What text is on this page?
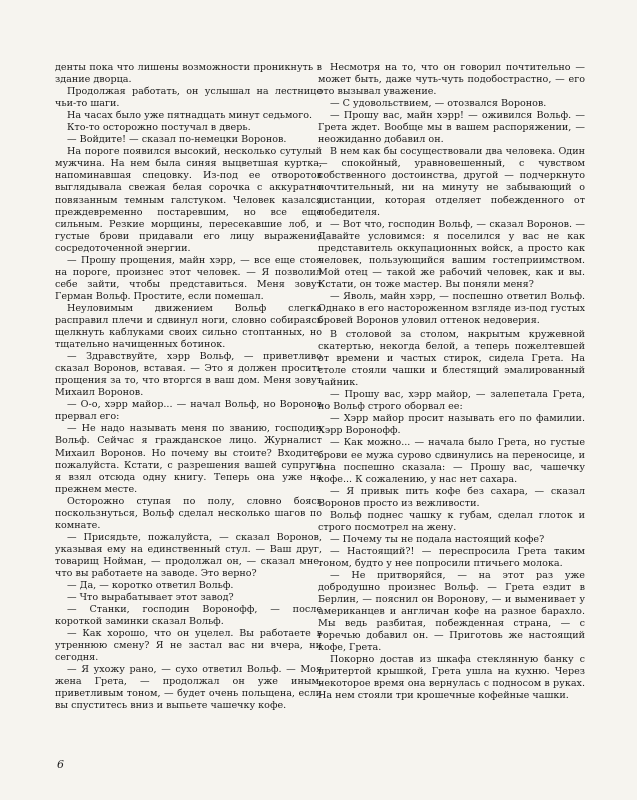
денты пока что лишены возможности проникнуть в здание дворца.

Продолжая работать, он услышал на лестнице чьи-то шаги.

На часах было уже пятнадцать минут седьмого.

Кто-то осторожно постучал в дверь.

— Войдите! — сказал по-немецки Воронов.

На пороге появился высокий, несколько сутулый мужчина. На нем была синяя выцветшая куртка, напоминавшая спецовку. Из-под ее отворотов выглядывала свежая белая сорочка с аккуратно повязанным темным галстуком. Человек казался преждевременно постаревшим, но все еще сильным. Резкие морщины, пересекавшие лоб, и густые брови придавали его лицу выражение сосредоточенной энергии.

— Прошу прощения, майн хэрр, — все еще стоя на пороге, произнес этот человек. — Я позволил себе зайти, чтобы представиться. Меня зовут Герман Вольф. Простите, если помешал.

Неуловимым движением Вольф слегка расправил плечи и сдвинул ноги, словно собираясь щелкнуть каблуками своих сильно стоптанных, но тщательно начищенных ботинок.

— Здравствуйте, хэрр Вольф, — приветливо сказал Воронов, вставая. — Это я должен просить прощения за то, что вторгся в ваш дом. Меня зовут Михаил Воронов.

— О-о, хэрр майор... — начал Вольф, но Воронов прервал его:

— Не надо называть меня по званию, господин Вольф. Сейчас я гражданское лицо. Журналист Михаил Воронов. Но почему вы стоите? Входите, пожалуйста. Кстати, с разрешения вашей супруги я взял отсюда одну книгу. Теперь она уже на прежнем месте.

Осторожно ступая по полу, словно боясь поскользнуться, Вольф сделал несколько шагов по комнате.

— Присядьте, пожалуйста, — сказал Воронов, указывая ему на единственный стул. — Ваш друг, товарищ Нойман, — продолжал он, — сказал мне, что вы работаете на заводе. Это верно?

— Да, — коротко ответил Вольф.

— Что вырабатывает этот завод?

— Станки, господин Воронофф, — после короткой заминки сказал Вольф.

— Как хорошо, что он уцелел. Вы работаете в утреннюю смену? Я не застал вас ни вчера, ни сегодня.

— Я ухожу рано, — сухо ответил Вольф. — Моя жена Грета, — продолжал он уже иным, приветливым тоном, — будет очень польщена, если вы спуститесь вниз и выпьете чашечку кофе.

Несмотря на то, что он говорил почтительно — может быть, даже чуть-чуть подобострастно, — его это вызывал уважение.

— С удовольствием, — отозвался Воронов.

— Прошу вас, майн хэрр! — оживился Вольф. — Грета ждет. Вообще мы в вашем распоряжении, — неожиданно добавил он.

В нем как бы сосуществовали два человека. Один — спокойный, уравновешенный, с чувством собственного достоинства, другой — подчеркнуто почтительный, ни на минуту не забывающий о дистанции, которая отделяет побежденного от победителя.

— Вот что, господин Вольф, — сказал Воронов. — Давайте условимся: я поселился у вас не как представитель оккупационных войск, а просто как человек, пользующийся вашим гостеприимством. Мой отец — такой же рабочий человек, как и вы. Кстати, он тоже мастер. Вы поняли меня?

— Яволь, майн хэрр, — поспешно ответил Вольф. Однако в его настороженном взгляде из-под густых бровей Воронов уловил оттенок недоверия.

В столовой за столом, накрытым кружевной скатертью, некогда белой, а теперь пожелтевшей от времени и частых стирок, сидела Грета. На столе стояли чашки и блестящий эмалированный чайник.

— Прошу вас, хэрр майор, — залепетала Грета, но Вольф строго оборвал ее:

— Хэрр майор просит называть его по фамилии. Хэрр Воронофф.

— Как можно... — начала было Грета, но густые брови ее мужа сурово сдвинулись на переносице, и она поспешно сказала: — Прошу вас, чашечку кофе... К сожалению, у нас нет сахара.

— Я привык пить кофе без сахара, — сказал Воронов просто из вежливости.

Вольф поднес чашку к губам, сделал глоток и строго посмотрел на жену.

— Почему ты не подала настоящий кофе?

— Настоящий?! — переспросила Грета таким тоном, будто у нее попросили птичьего молока.

— Не притворяйся, — на этот раз уже добродушно произнес Вольф. — Грета ездит в Берлин, — пояснил он Воронову, — и выменивает у американцев и англичан кофе на разное барахло. Мы ведь разбитая, побежденная страна, — с горечью добавил он. — Приготовь же настоящий кофе, Грета.

Покорно достав из шкафа стеклянную банку с притертой крышкой, Грета ушла на кухню. Через некоторое время она вернулась с подносом в руках. На нем стояли три крошечные кофейные чашки.

6
